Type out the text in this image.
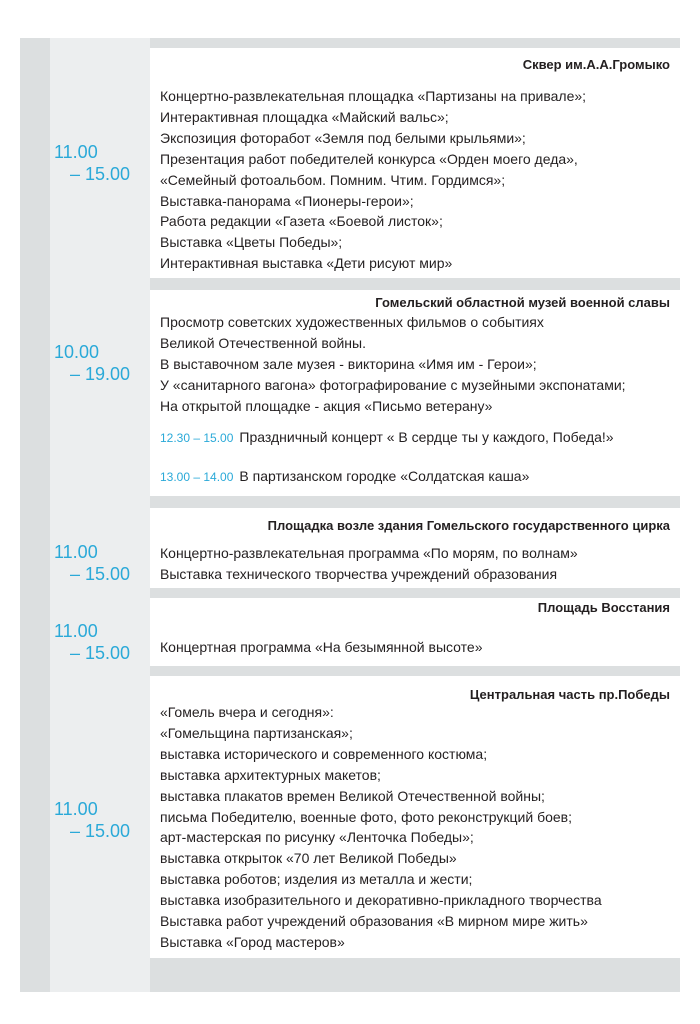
11.00
– 15.00
Сквер им.А.А.Громыко
Концертно-развлекательная площадка «Партизаны на привале»;
Интерактивная площадка «Майский вальс»;
Экспозиция фоторабот «Земля под белыми крыльями»;
Презентация работ победителей конкурса «Орден моего деда»,
«Семейный фотоальбом. Помним. Чтим. Гордимся»;
Выставка-панорама «Пионеры-герои»;
Работа редакции «Газета «Боевой листок»;
Выставка «Цветы Победы»;
Интерактивная выставка «Дети рисуют мир»
10.00
– 19.00
Гомельский областной музей военной славы
Просмотр советских художественных фильмов о событиях
Великой Отечественной войны.
В выставочном зале музея - викторина «Имя им - Герои»;
У «санитарного вагона» фотографирование с музейными экспонатами;
На открытой площадке - акция «Письмо ветерану»
12.30 – 15.00 Праздничный концерт « В сердце ты у каждого, Победа!»
13.00 – 14.00 В партизанском городке «Солдатская каша»
11.00
– 15.00
Площадка возле здания Гомельского государственного цирка
Концертно-развлекательная программа «По морям, по волнам»
Выставка технического творчества учреждений образования
11.00
– 15.00
Площадь Восстания
Концертная программа «На безымянной высоте»
11.00
– 15.00
Центральная часть пр.Победы
«Гомель вчера и сегодня»:
«Гомельщина партизанская»;
выставка исторического и современного костюма;
выставка архитектурных макетов;
выставка плакатов времен Великой Отечественной войны;
письма Победителю, военные фото, фото реконструкций боев;
арт-мастерская по рисунку «Ленточка Победы»;
выставка открыток «70 лет Великой Победы»
выставка роботов; изделия из металла и жести;
выставка изобразительного и декоративно-прикладного творчества
Выставка работ учреждений образования «В мирном мире жить»
Выставка «Город мастеров»
